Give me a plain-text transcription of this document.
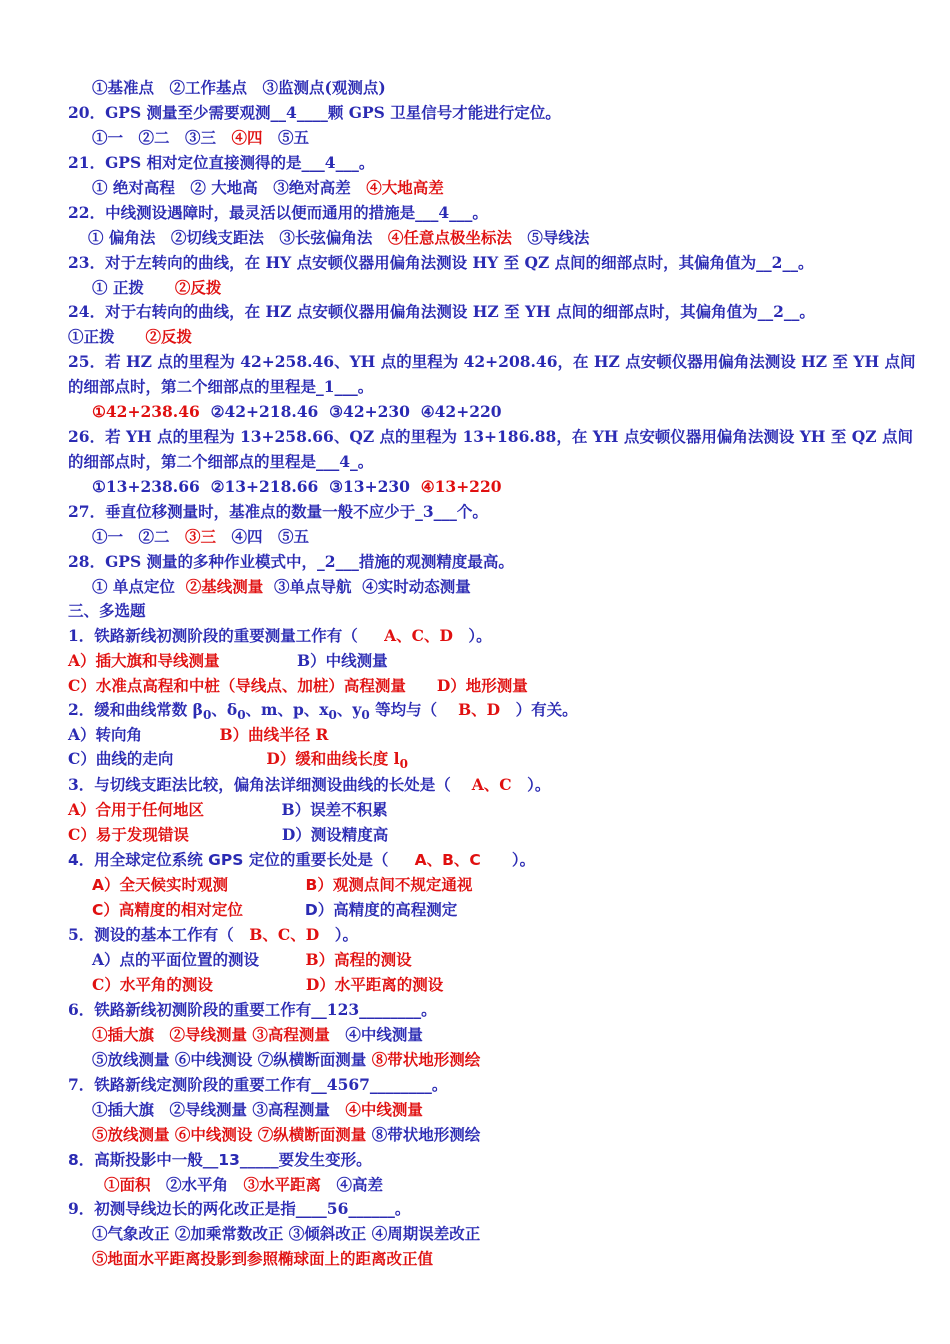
①基准点　②工作基点　③监测点(观测点)
20．GPS 测量至少需要观测__4____颗 GPS 卫星信号才能进行定位。
①一　②二　③三　④四　⑤五
21．GPS 相对定位直接测得的是___4___。
① 绝对高程　② 大地高　③绝对高差　④大地高差
22．中线测设遇障时，最灵活以便而通用的措施是___4___。
① 偏角法　②切线支距法　③长弦偏角法　④任意点极坐标法　⑤导线法
23．对于左转向的曲线，在 HY 点安顿仪器用偏角法测设 HY 至 QZ 点间的细部点时，其偏角值为__2__。
① 正拨　　②反拨
24．对于右转向的曲线，在 HZ 点安顿仪器用偏角法测设 HZ 至 YH 点间的细部点时，其偏角值为__2__。
①正拨　　②反拨
25．若 HZ 点的里程为 42+258.46、YH 点的里程为 42+208.46，在 HZ 点安顿仪器用偏角法测设 HZ 至 YH 点间
的细部点时，第二个细部点的里程是_1___。
①42+238.46  ②42+218.46  ③42+230  ④42+220
26．若 YH 点的里程为 13+258.66、QZ 点的里程为 13+186.88，在 YH 点安顿仪器用偏角法测设 YH 至 QZ 点间
的细部点时，第二个细部点的里程是___4_。
①13+238.66  ②13+218.66  ③13+230  ④13+220
27．垂直位移测量时，基准点的数量一般不应少于_3___个。
①一　②二　③三　④四　⑤五
28．GPS 测量的多种作业模式中，_2___措施的观测精度最高。
① 单点定位  ②基线测量  ③单点导航  ④实时动态测量
三、多选题
1．铁路新线初测阶段的重要测量工作有（　  A、C、D　）。
A）插大旗和导线测量　　　　　B）中线测量
C）水准点高程和中桩（导线点、加桩）高程测量　　D）地形测量
2．缓和曲线常数 $\beta_0$、$\delta_0$、m、p、$x_0$、$y_0$ 等均与（　 B、D　）有关。
A）转向角　　　　　B）曲线半径 R
C）曲线的走向　　　　　　D）缓和曲线长度 $l_0$
3．与切线支距法比较，偏角法详细测设曲线的长处是（　 A、C　）。
A）合用于任何地区　　　　　B）误差不积累
C）易于发现错误　　　　　　D）测设精度高
4．用全球定位系统 GPS 定位的重要长处是（　  A、B、C　　）。
A）全天候实时观测　　　　　	B）观测点间不规定通视
C）高精度的相对定位　　　　D）高精度的高程测定
5．测设的基本工作有（　B、C、D　）。
A）点的平面位置的测设　　　B）高程的测设
C）水平角的测设　　　　　　	D）水平距离的测设
6．铁路新线初测阶段的重要工作有__123________。
①插大旗　②导线测量 ③高程测量　④中线测量
⑤放线测量 ⑥中线测设 ⑦纵横断面测量 ⑧带状地形测绘
7．铁路新线定测阶段的重要工作有__4567________。
①插大旗　②导线测量 ③高程测量　④中线测量
⑤放线测量 ⑥中线测设 ⑦纵横断面测量 ⑧带状地形测绘
8．高斯投影中一般__13_____要发生变形。
①面积　②水平角　③水平距离　④高差
9．初测导线边长的两化改正是指____56______。
①气象改正 ②加乘常数改正 ③倾斜改正 ④周期误差改正
⑤地面水平距离投影到参照椭球面上的距离改正值
